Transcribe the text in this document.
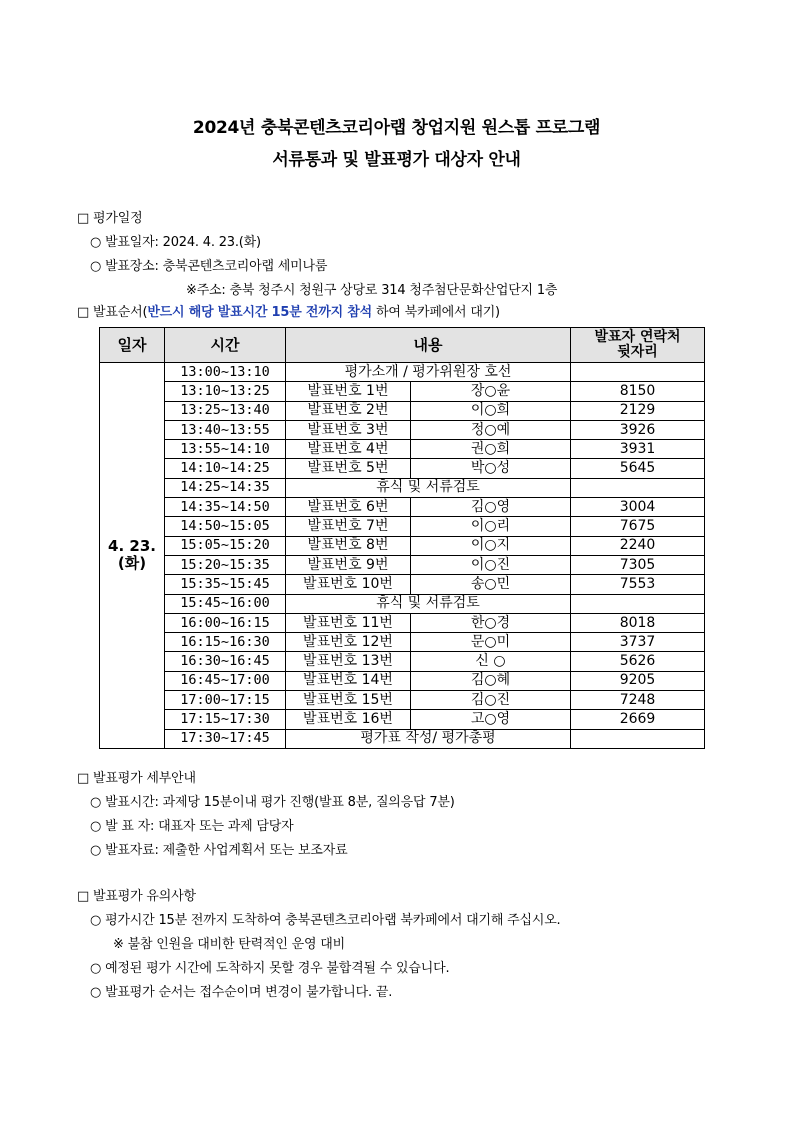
2024년 충북콘텐츠코리아랩 창업지원 원스톱 프로그램
서류통과 및 발표평가 대상자 안내
□ 평가일정
○ 발표일자: 2024. 4. 23.(화)
○ 발표장소: 충북콘텐츠코리아랩 세미나룸
※주소: 충북 청주시 청원구 상당로 314 청주첨단문화산업단지 1층
□ 발표순서(반드시 해당 발표시간 15분 전까지 참석 하여 북카페에서 대기)
일자	시간	내용		발표자 연락처
뒷자리
4. 23.
(화)	13:00~13:10	평가소개 / 평가위원장 호선		
	13:10~13:25	발표번호 1번	장○윤	8150
	13:25~13:40	발표번호 2번	이○희	2129
	13:40~13:55	발표번호 3번	정○예	3926
	13:55~14:10	발표번호 4번	권○희	3931
	14:10~14:25	발표번호 5번	박○성	5645
	14:25~14:35	휴식 및 서류검토		
	14:35~14:50	발표번호 6번	김○영	3004
	14:50~15:05	발표번호 7번	이○리	7675
	15:05~15:20	발표번호 8번	이○지	2240
	15:20~15:35	발표번호 9번	이○진	7305
	15:35~15:45	발표번호 10번	송○민	7553
	15:45~16:00	휴식 및 서류검토		
	16:00~16:15	발표번호 11번	한○경	8018
	16:15~16:30	발표번호 12번	문○미	3737
	16:30~16:45	발표번호 13번	신 ○	5626
	16:45~17:00	발표번호 14번	김○혜	9205
	17:00~17:15	발표번호 15번	김○진	7248
	17:15~17:30	발표번호 16번	고○영	2669
	17:30~17:45	평가표 작성/ 평가총평		
□ 발표평가 세부안내
○ 발표시간: 과제당 15분이내 평가 진행(발표 8분, 질의응답 7분)
○ 발 표 자: 대표자 또는 과제 담당자
○ 발표자료: 제출한 사업계획서 또는 보조자료
□ 발표평가 유의사항
○ 평가시간 15분 전까지 도착하여 충북콘텐츠코리아랩 북카페에서 대기해 주십시오.
※ 불참 인원을 대비한 탄력적인 운영 대비
○ 예정된 평가 시간에 도착하지 못할 경우 불합격될 수 있습니다.
○ 발표평가 순서는 접수순이며 변경이 불가합니다. 끝.
